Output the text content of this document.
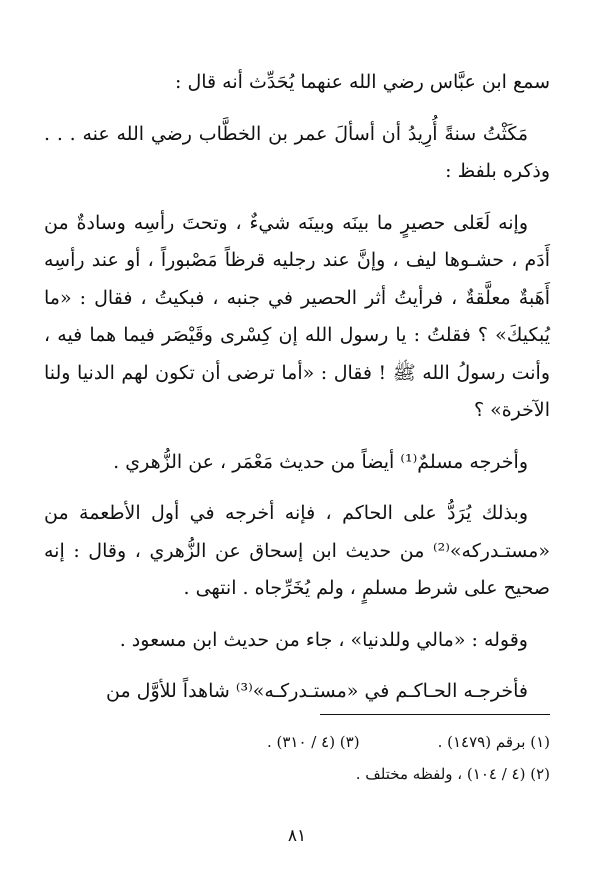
سمع ابن عبَّاس رضي الله عنهما يُحَدِّث أنه قال :

مَكَثْتُ سنةً أُرِيدُ أن أسألَ عمر بن الخطَّاب رضي الله عنه . . . وذكره بلفظ :

وإنه لَعَلى حصيرٍ ما بينَه وبينَه شيءٌ ، وتحتَ رأسِه وسادةٌ من أَدَم ، حشـوها ليف ، وإنَّ عند رجليه قرظاً مَصْبوراً ، أو عند رأسِه أَهَبةٌ معلَّقةٌ ، فرأيتُ أثر الحصير في جنبه ، فبكيتُ ، فقال : «ما يُبكيكَ» ؟ فقلتُ : يا رسول الله إن كِسْرى وقَيْصَر فيما هما فيه ، وأنت رسولُ الله ﷺ ! فقال : «أما ترضى أن تكون لهم الدنيا ولنا الآخرة» ؟

وأخرجه مسلمٌ⁽¹⁾ أيضاً من حديث مَعْمَر ، عن الزُّهري .

وبذلك يُرَدُّ على الحاكم ، فإنه أخرجه في أول الأطعمة من «مستـدركه»⁽²⁾ من حديث ابن إسحاق عن الزُّهري ، وقال : إنه صحيح على شرط مسلمٍ ، ولم يُخَرِّجاه . انتهى .

وقوله : «مالي وللدنيا» ، جاء من حديث ابن مسعود .

فأخرجـه الحـاكـم في «مستـدركـه»⁽³⁾ شاهداً للأوَّل من

(١) برقم (١٤٧٩) .
(٣) (٤ / ٣١٠) .
(٢) (٤ / ١٠٤) ، ولفظه مختلف .
٨١
